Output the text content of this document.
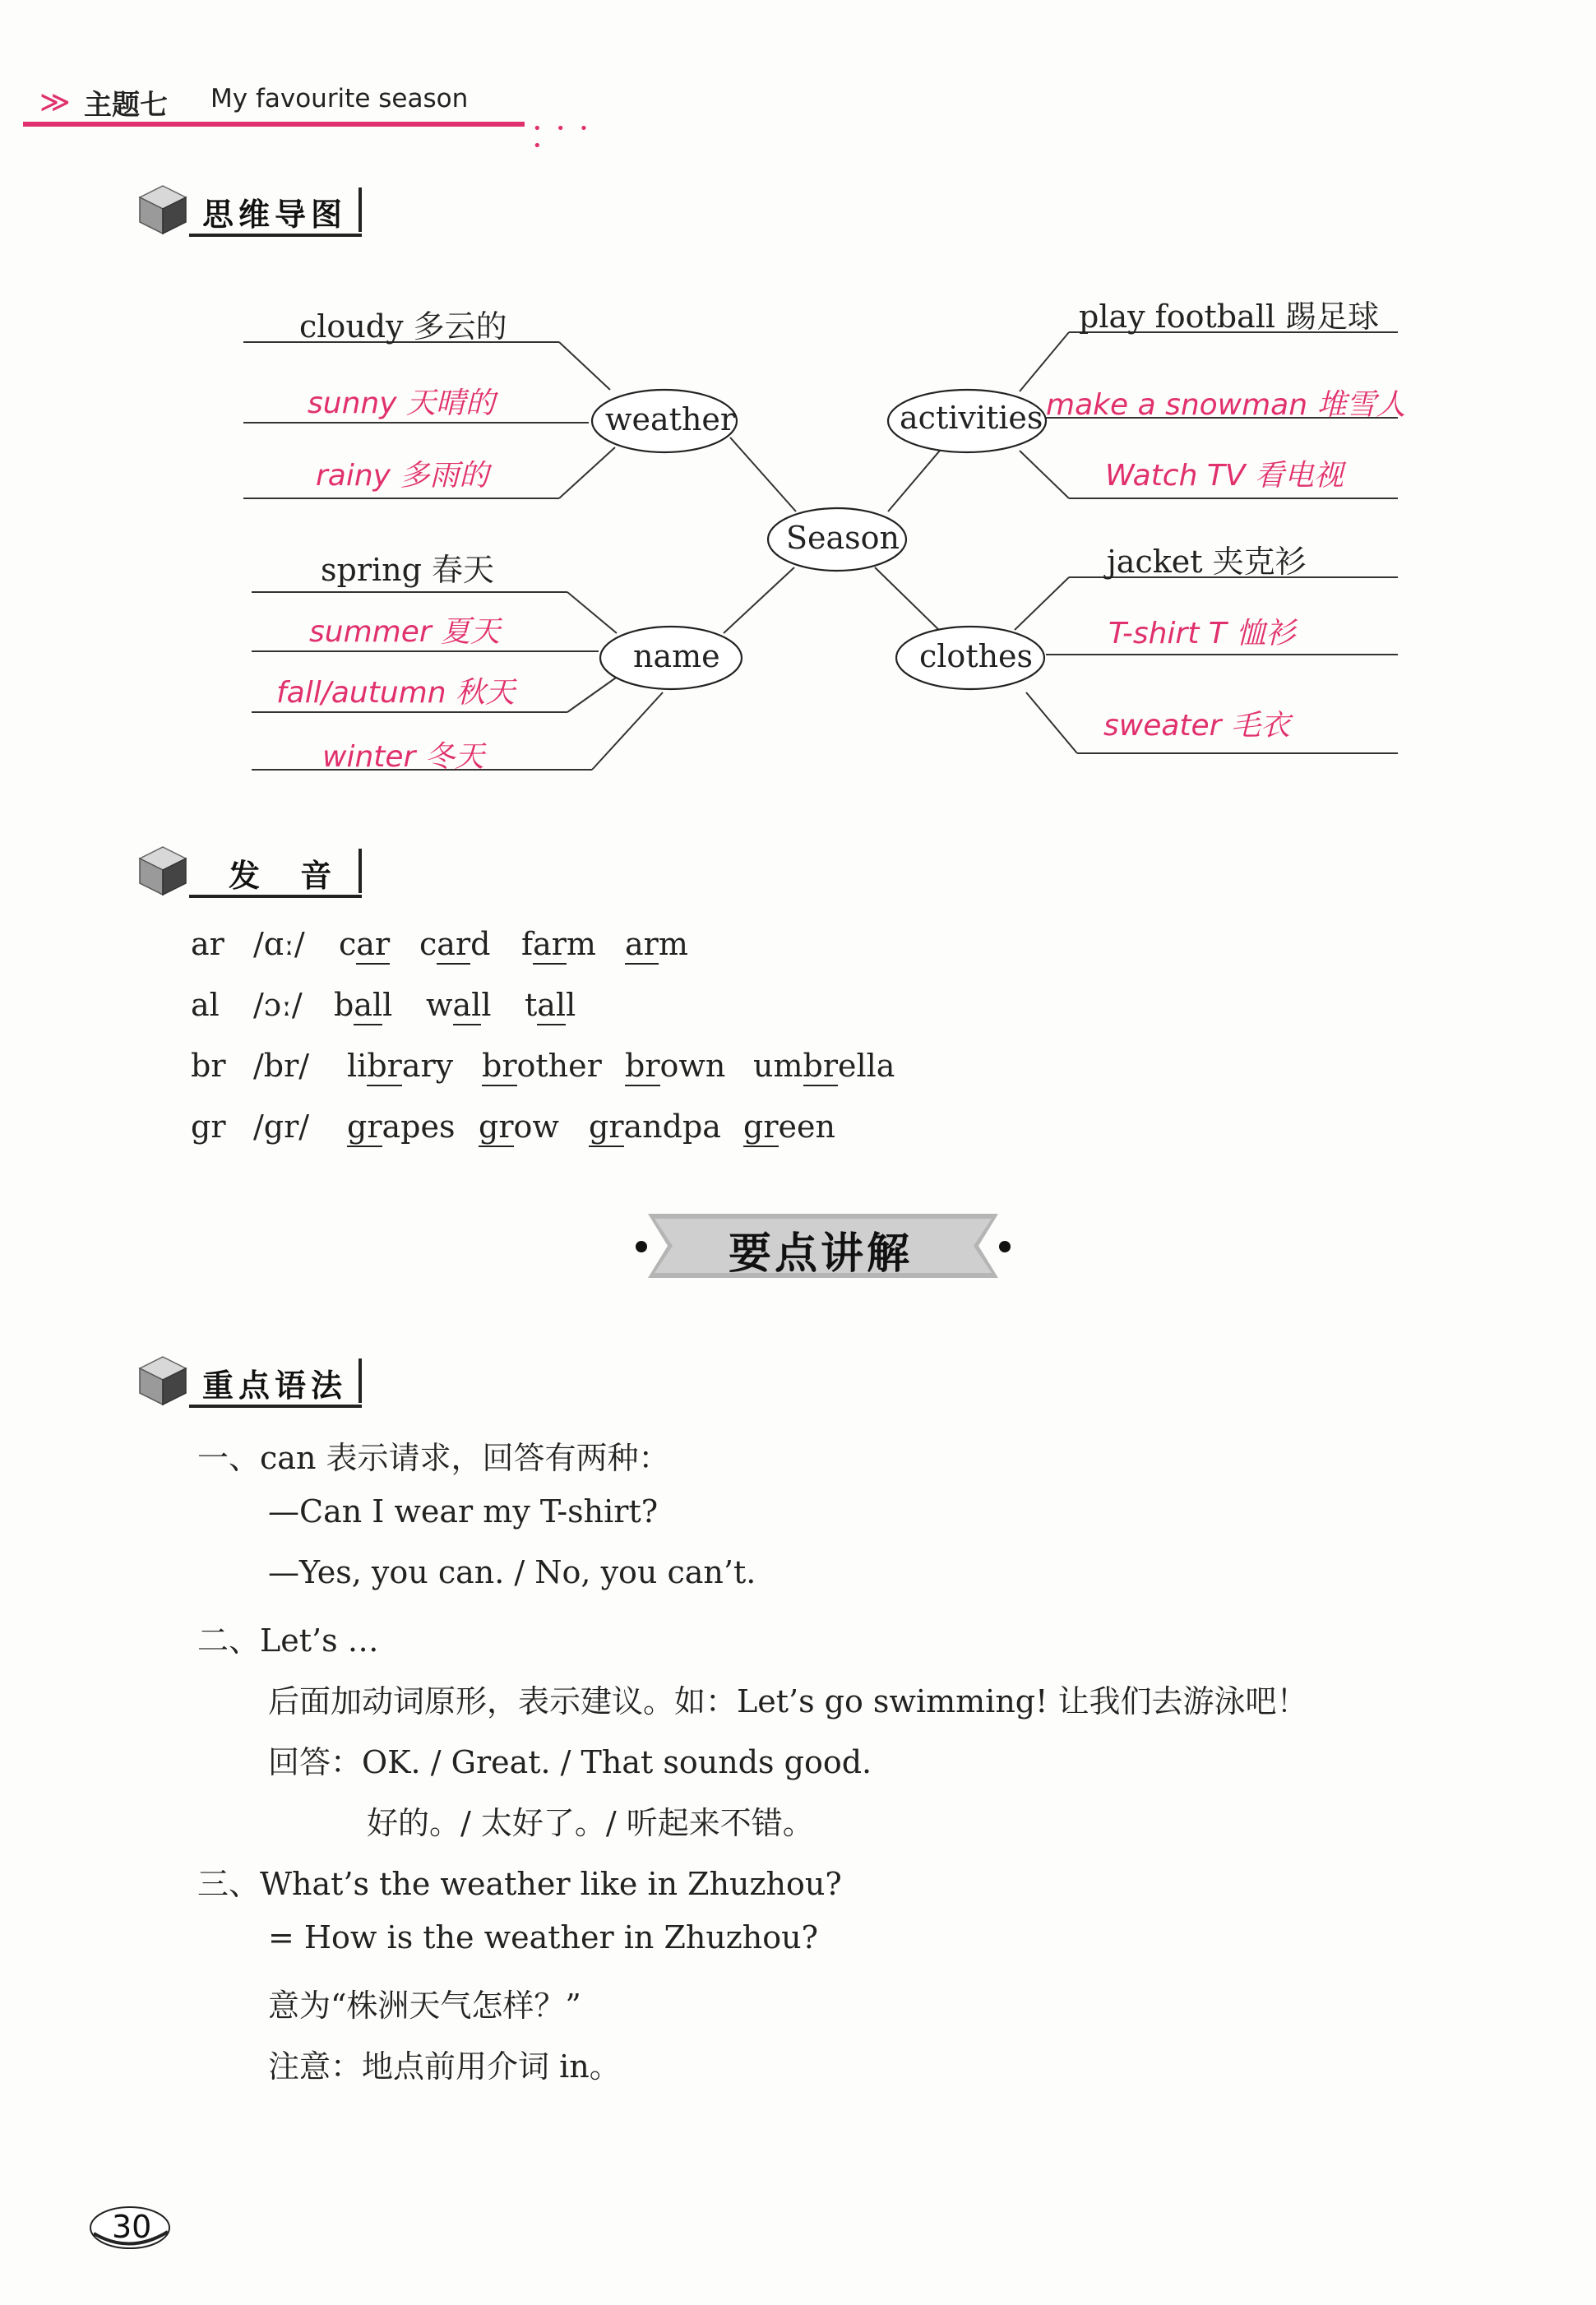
≫ 主题七 My favourite season
• • • •
思维导图
weather	activities
Season
name	clothes
cloudy 多云的
sunny 天晴的
rainy 多雨的
spring 春天
summer 夏天
fall/autumn 秋天
winter 冬天
play football 踢足球
make a snowman 堆雪人
Watch TV 看电视
jacket 夹克衫
T-shirt T 恤衫
sweater 毛衣
发 音
ar /ɑː/ car card farm arm
al /ɔː/ ball wall tall
br /br/ library brother brown umbrella
gr /gr/ grapes grow grandpa green
要点讲解
重点语法
一、can 表示请求，回答有两种：
—Can I wear my T-shirt?
—Yes, you can. / No, you can’t.
二、Let’s …
后面加动词原形，表示建议。如：Let’s go swimming! 让我们去游泳吧！
回答：OK. / Great. / That sounds good.
好的。/ 太好了。/ 听起来不错。
三、What’s the weather like in Zhuzhou?
= How is the weather in Zhuzhou?
意为“株洲天气怎样？”
注意：地点前用介词 in。
30
